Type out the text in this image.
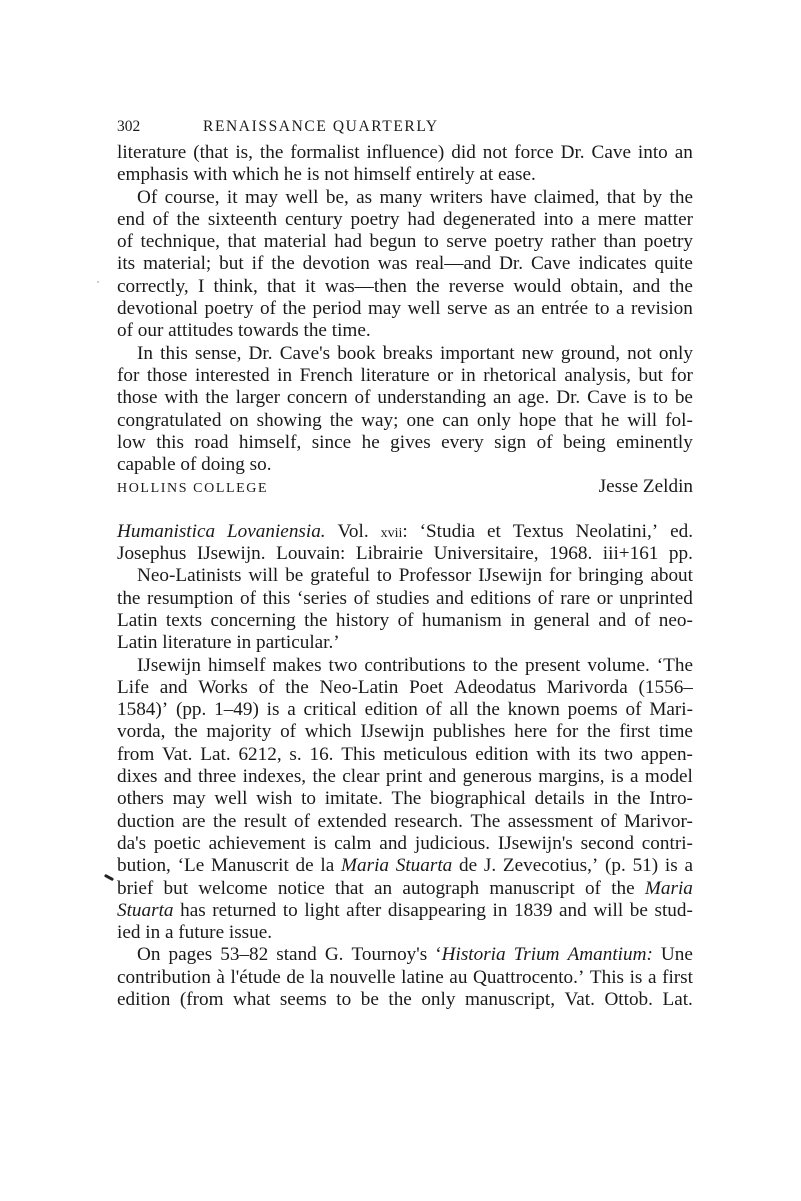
302	RENAISSANCE QUARTERLY
literature (that is, the formalist influence) did not force Dr. Cave into an
emphasis with which he is not himself entirely at ease.
Of course, it may well be, as many writers have claimed, that by the
end of the sixteenth century poetry had degenerated into a mere matter
of technique, that material had begun to serve poetry rather than poetry
its material; but if the devotion was real—and Dr. Cave indicates quite
correctly, I think, that it was—then the reverse would obtain, and the
devotional poetry of the period may well serve as an entrée to a revision
of our attitudes towards the time.
In this sense, Dr. Cave's book breaks important new ground, not only
for those interested in French literature or in rhetorical analysis, but for
those with the larger concern of understanding an age. Dr. Cave is to be
congratulated on showing the way; one can only hope that he will fol-
low this road himself, since he gives every sign of being eminently
capable of doing so.
HOLLINS COLLEGE	Jesse Zeldin
Humanistica Lovaniensia. Vol. xvii: ‘Studia et Textus Neolatini,’ ed.
Josephus IJsewijn. Louvain: Librairie Universitaire, 1968. iii+161 pp.
Neo-Latinists will be grateful to Professor IJsewijn for bringing about
the resumption of this ‘series of studies and editions of rare or unprinted
Latin texts concerning the history of humanism in general and of neo-
Latin literature in particular.’
IJsewijn himself makes two contributions to the present volume. ‘The
Life and Works of the Neo-Latin Poet Adeodatus Marivorda (1556–
1584)’ (pp. 1–49) is a critical edition of all the known poems of Mari-
vorda, the majority of which IJsewijn publishes here for the first time
from Vat. Lat. 6212, s. 16. This meticulous edition with its two appen-
dixes and three indexes, the clear print and generous margins, is a model
others may well wish to imitate. The biographical details in the Intro-
duction are the result of extended research. The assessment of Marivor-
da's poetic achievement is calm and judicious. IJsewijn's second contri-
bution, ‘Le Manuscrit de la Maria Stuarta de J. Zevecotius,’ (p. 51) is a
brief but welcome notice that an autograph manuscript of the Maria
Stuarta has returned to light after disappearing in 1839 and will be stud-
ied in a future issue.
On pages 53–82 stand G. Tournoy's ‘Historia Trium Amantium: Une
contribution à l'étude de la nouvelle latine au Quattrocento.’ This is a first
edition (from what seems to be the only manuscript, Vat. Ottob. Lat.
